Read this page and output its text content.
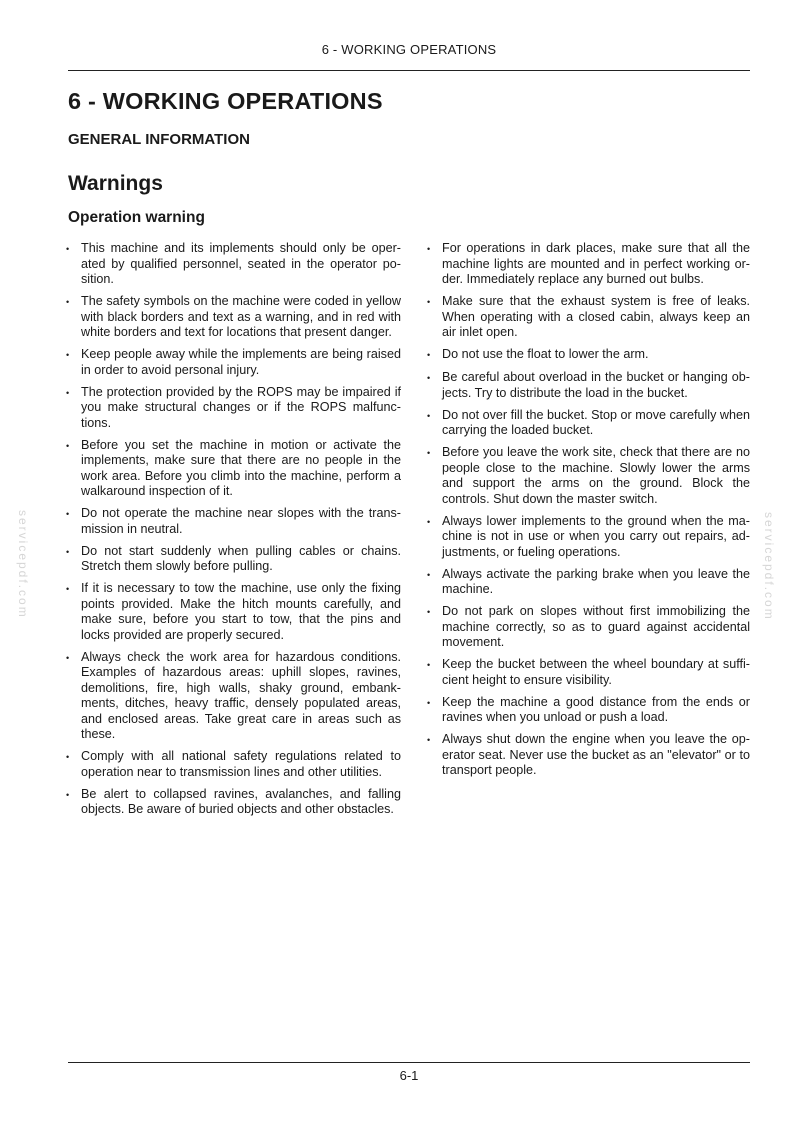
6 - WORKING OPERATIONS
6 - WORKING OPERATIONS
GENERAL INFORMATION
Warnings
Operation warning
• This machine and its implements should only be operated by qualified personnel, seated in the operator position.
• The safety symbols on the machine were coded in yellow with black borders and text as a warning, and in red with white borders and text for locations that present danger.
• Keep people away while the implements are being raised in order to avoid personal injury.
• The protection provided by the ROPS may be impaired if you make structural changes or if the ROPS malfunctions.
• Before you set the machine in motion or activate the implements, make sure that there are no people in the work area. Before you climb into the machine, perform a walkaround inspection of it.
• Do not operate the machine near slopes with the transmission in neutral.
• Do not start suddenly when pulling cables or chains. Stretch them slowly before pulling.
• If it is necessary to tow the machine, use only the fixing points provided. Make the hitch mounts carefully, and make sure, before you start to tow, that the pins and locks provided are properly secured.
• Always check the work area for hazardous conditions. Examples of hazardous areas: uphill slopes, ravines, demolitions, fire, high walls, shaky ground, embankments, ditches, heavy traffic, densely populated areas, and enclosed areas. Take great care in areas such as these.
• Comply with all national safety regulations related to operation near to transmission lines and other utilities.
• Be alert to collapsed ravines, avalanches, and falling objects. Be aware of buried objects and other obstacles.
• For operations in dark places, make sure that all the machine lights are mounted and in perfect working order. Immediately replace any burned out bulbs.
• Make sure that the exhaust system is free of leaks. When operating with a closed cabin, always keep an air inlet open.
• Do not use the float to lower the arm.
• Be careful about overload in the bucket or hanging objects. Try to distribute the load in the bucket.
• Do not over fill the bucket. Stop or move carefully when carrying the loaded bucket.
• Before you leave the work site, check that there are no people close to the machine. Slowly lower the arms and support the arms on the ground. Block the controls. Shut down the master switch.
• Always lower implements to the ground when the machine is not in use or when you carry out repairs, adjustments, or fueling operations.
• Always activate the parking brake when you leave the machine.
• Do not park on slopes without first immobilizing the machine correctly, so as to guard against accidental movement.
• Keep the bucket between the wheel boundary at sufficient height to ensure visibility.
• Keep the machine a good distance from the ends or ravines when you unload or push a load.
• Always shut down the engine when you leave the operator seat. Never use the bucket as an "elevator" or to transport people.
servicepdf.com	servicepdf.com
6-1
